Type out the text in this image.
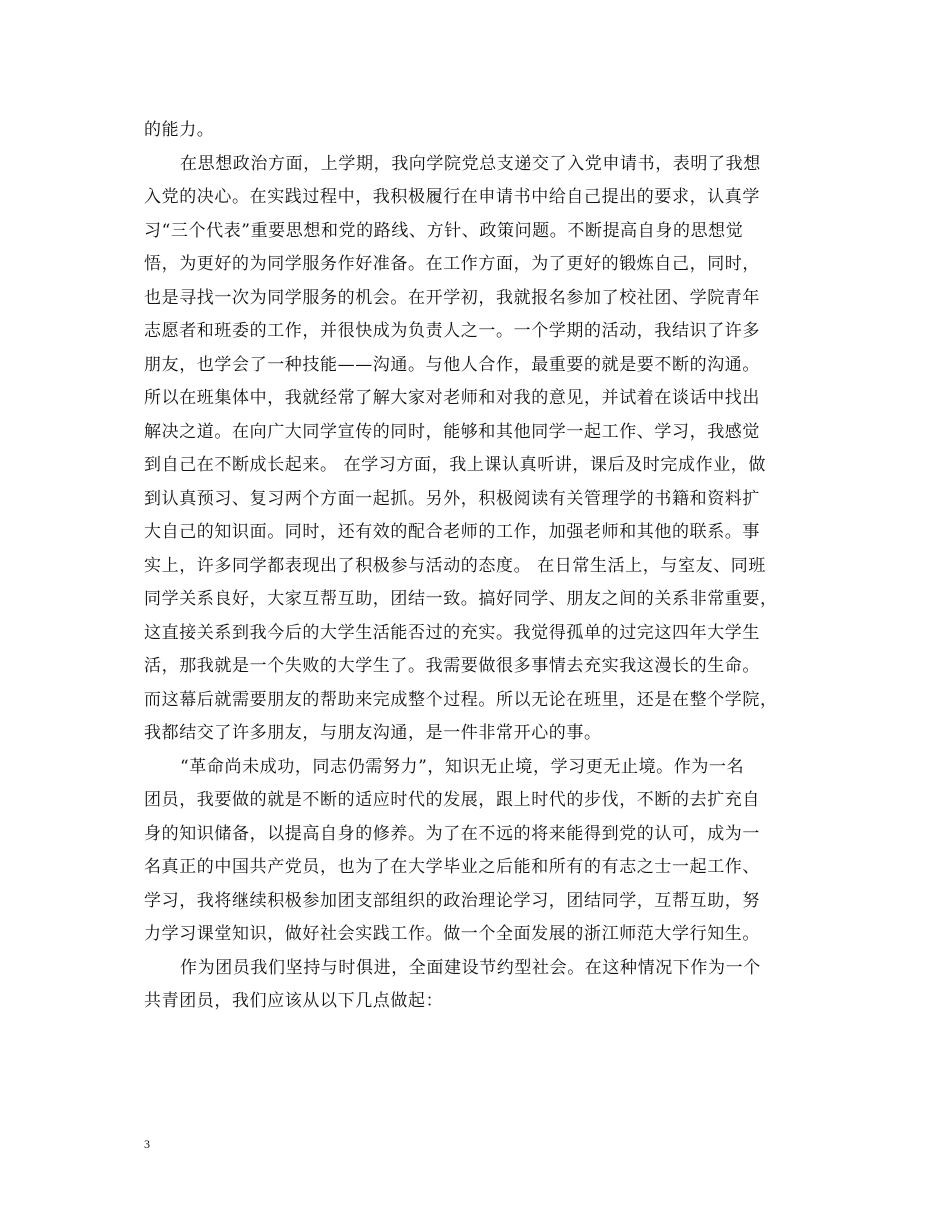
的能力。
在思想政治方面，上学期，我向学院党总支递交了入党申请书，表明了我想
入党的决心。在实践过程中，我积极履行在申请书中给自己提出的要求，认真学
习“三个代表”重要思想和党的路线、方针、政策问题。不断提高自身的思想觉
悟，为更好的为同学服务作好准备。在工作方面，为了更好的锻炼自己，同时，
也是寻找一次为同学服务的机会。在开学初，我就报名参加了校社团、学院青年
志愿者和班委的工作，并很快成为负责人之一。一个学期的活动，我结识了许多
朋友，也学会了一种技能——沟通。与他人合作，最重要的就是要不断的沟通。
所以在班集体中，我就经常了解大家对老师和对我的意见，并试着在谈话中找出
解决之道。在向广大同学宣传的同时，能够和其他同学一起工作、学习，我感觉
到自己在不断成长起来。 在学习方面，我上课认真听讲，课后及时完成作业，做
到认真预习、复习两个方面一起抓。另外，积极阅读有关管理学的书籍和资料扩
大自己的知识面。同时，还有效的配合老师的工作，加强老师和其他的联系。事
实上，许多同学都表现出了积极参与活动的态度。 在日常生活上，与室友、同班
同学关系良好，大家互帮互助，团结一致。搞好同学、朋友之间的关系非常重要，
这直接关系到我今后的大学生活能否过的充实。我觉得孤单的过完这四年大学生
活，那我就是一个失败的大学生了。我需要做很多事情去充实我这漫长的生命。
而这幕后就需要朋友的帮助来完成整个过程。所以无论在班里，还是在整个学院，
我都结交了许多朋友，与朋友沟通，是一件非常开心的事。
“革命尚未成功，同志仍需努力”，知识无止境，学习更无止境。作为一名
团员，我要做的就是不断的适应时代的发展，跟上时代的步伐，不断的去扩充自
身的知识储备，以提高自身的修养。为了在不远的将来能得到党的认可，成为一
名真正的中国共产党员，也为了在大学毕业之后能和所有的有志之士一起工作、
学习，我将继续积极参加团支部组织的政治理论学习，团结同学，互帮互助，努
力学习课堂知识，做好社会实践工作。做一个全面发展的浙江师范大学行知生。
作为团员我们坚持与时俱进，全面建设节约型社会。在这种情况下作为一个
共青团员，我们应该从以下几点做起：
3
